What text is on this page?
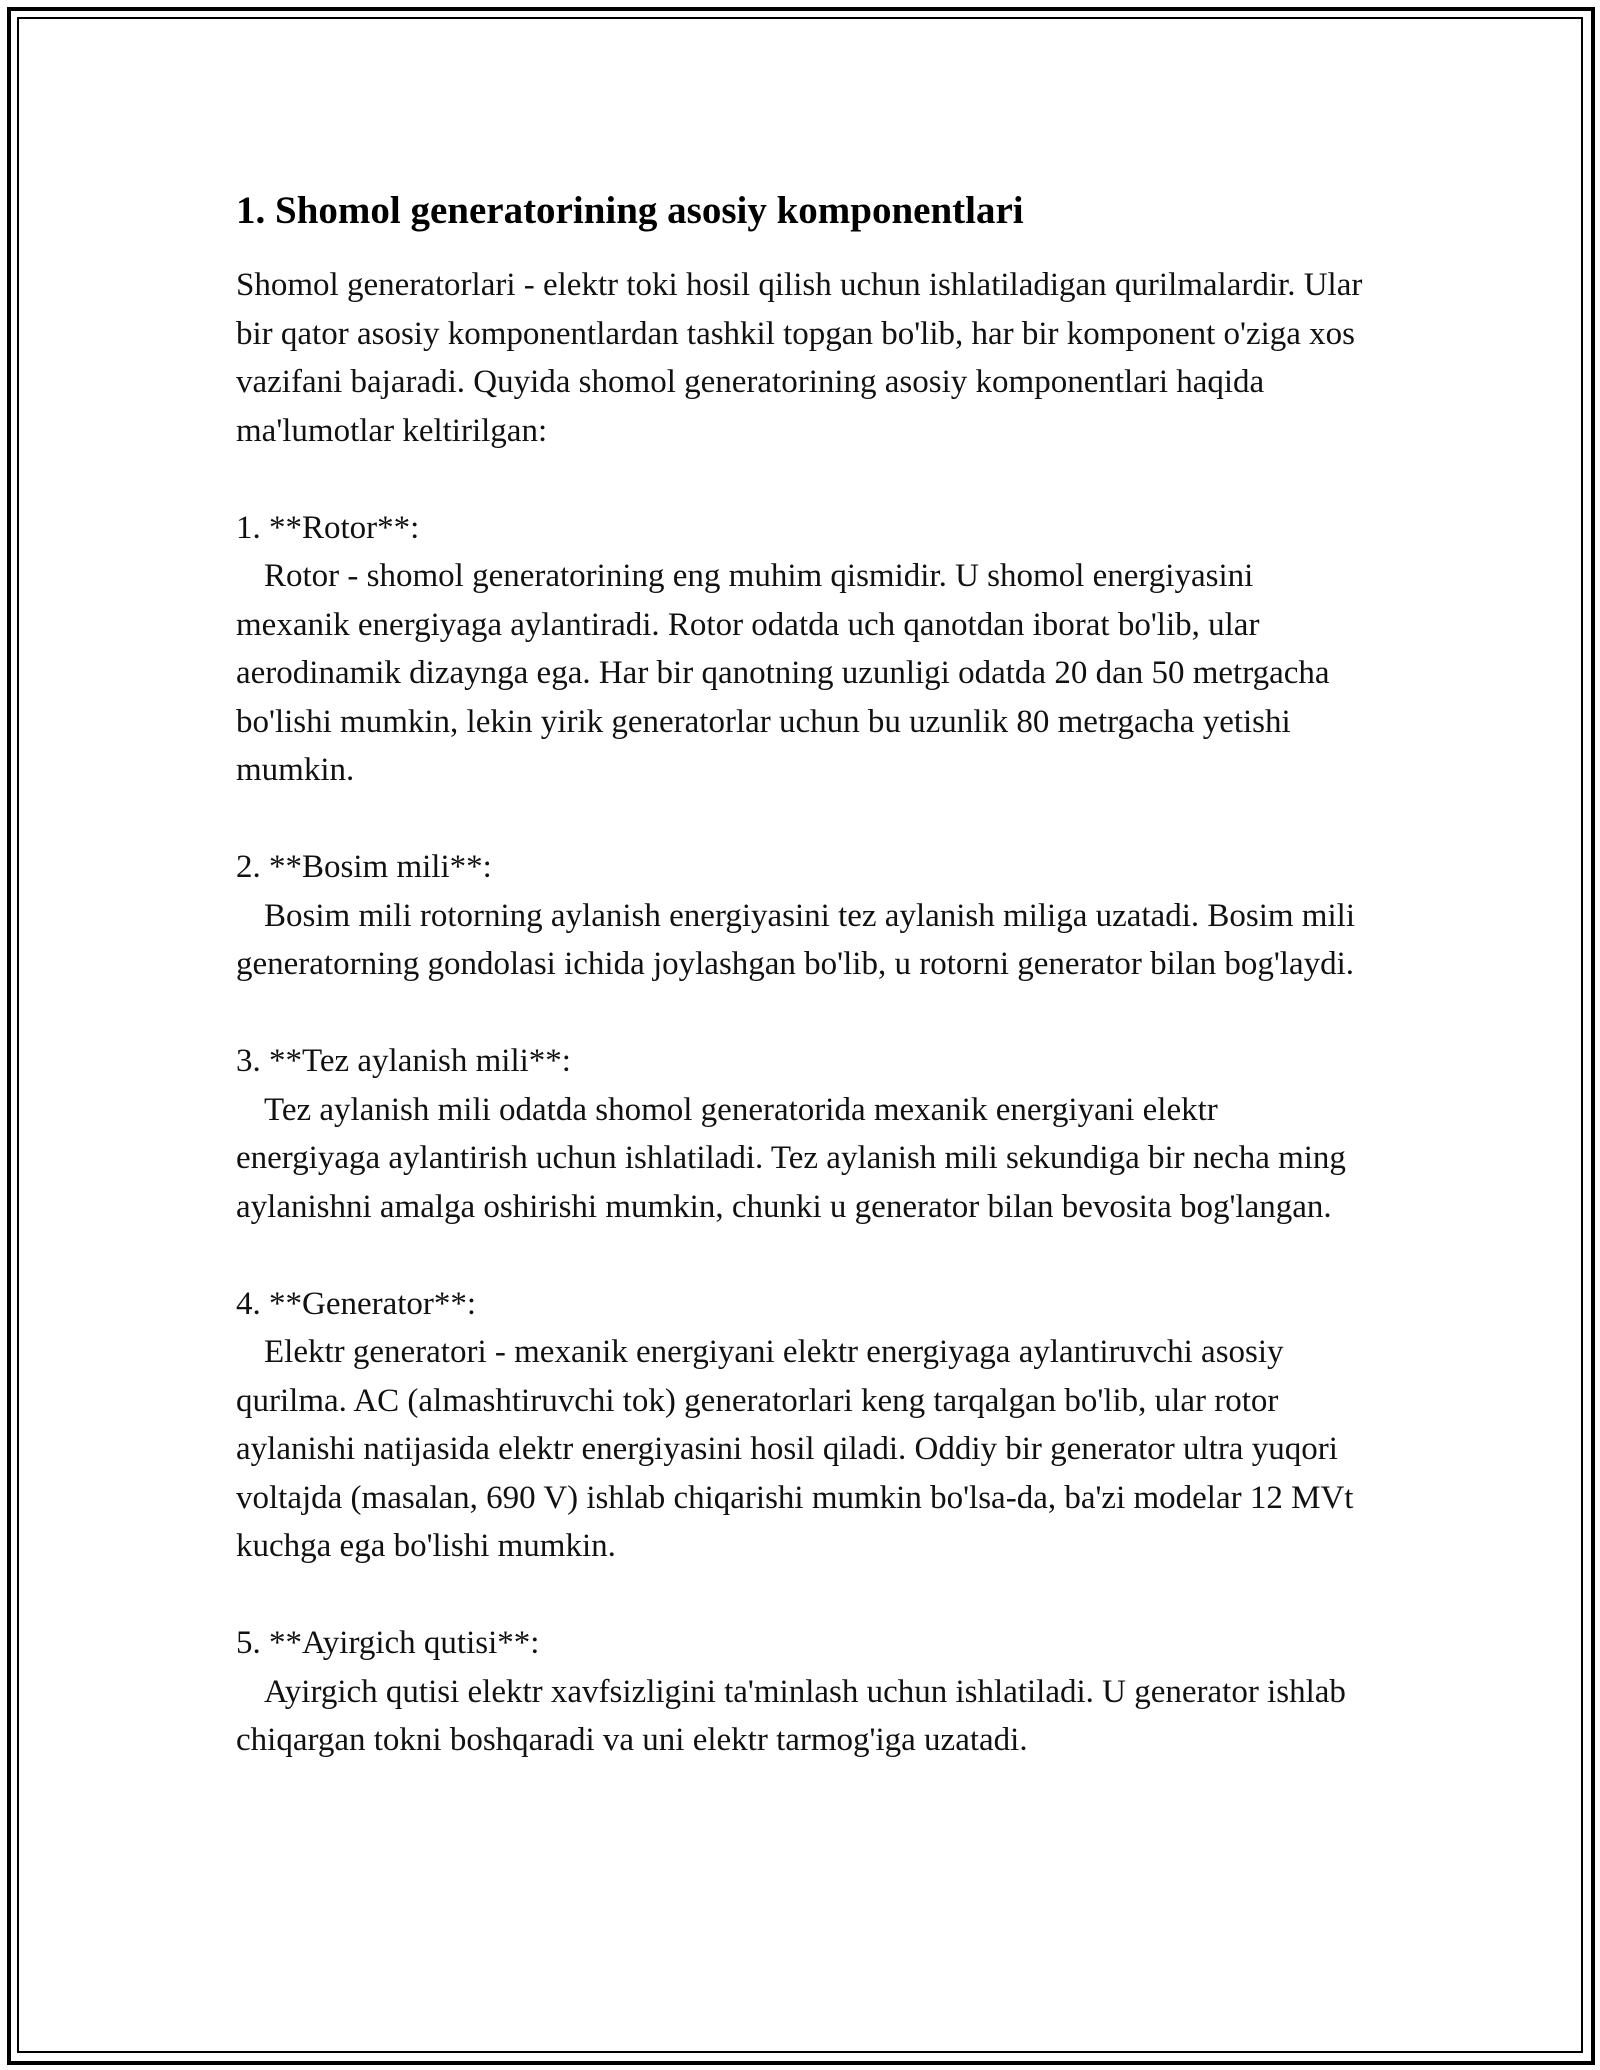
1. Shomol generatorining asosiy komponentlari

Shomol generatorlari - elektr toki hosil qilish uchun ishlatiladigan qurilmalardir. Ular bir qator asosiy komponentlardan tashkil topgan bo'lib, har bir komponent o'ziga xos vazifani bajaradi. Quyida shomol generatorining asosiy komponentlari haqida ma'lumotlar keltirilgan:

1. **Rotor**:

Rotor - shomol generatorining eng muhim qismidir. U shomol energiyasini mexanik energiyaga aylantiradi. Rotor odatda uch qanotdan iborat bo'lib, ular aerodinamik dizaynga ega. Har bir qanotning uzunligi odatda 20 dan 50 metrgacha bo'lishi mumkin, lekin yirik generatorlar uchun bu uzunlik 80 metrgacha yetishi mumkin.

2. **Bosim mili**:

Bosim mili rotorning aylanish energiyasini tez aylanish miliga uzatadi. Bosim mili generatorning gondolasi ichida joylashgan bo'lib, u rotorni generator bilan bog'laydi.

3. **Tez aylanish mili**:

Tez aylanish mili odatda shomol generatorida mexanik energiyani elektr energiyaga aylantirish uchun ishlatiladi. Tez aylanish mili sekundiga bir necha ming aylanishni amalga oshirishi mumkin, chunki u generator bilan bevosita bog'langan.

4. **Generator**:

Elektr generatori - mexanik energiyani elektr energiyaga aylantiruvchi asosiy qurilma. AC (almashtiruvchi tok) generatorlari keng tarqalgan bo'lib, ular rotor aylanishi natijasida elektr energiyasini hosil qiladi. Oddiy bir generator ultra yuqori voltajda (masalan, 690 V) ishlab chiqarishi mumkin bo'lsa-da, ba'zi modelar 12 MVt kuchga ega bo'lishi mumkin.

5. **Ayirgich qutisi**:

Ayirgich qutisi elektr xavfsizligini ta'minlash uchun ishlatiladi. U generator ishlab chiqargan tokni boshqaradi va uni elektr tarmog'iga uzatadi.
